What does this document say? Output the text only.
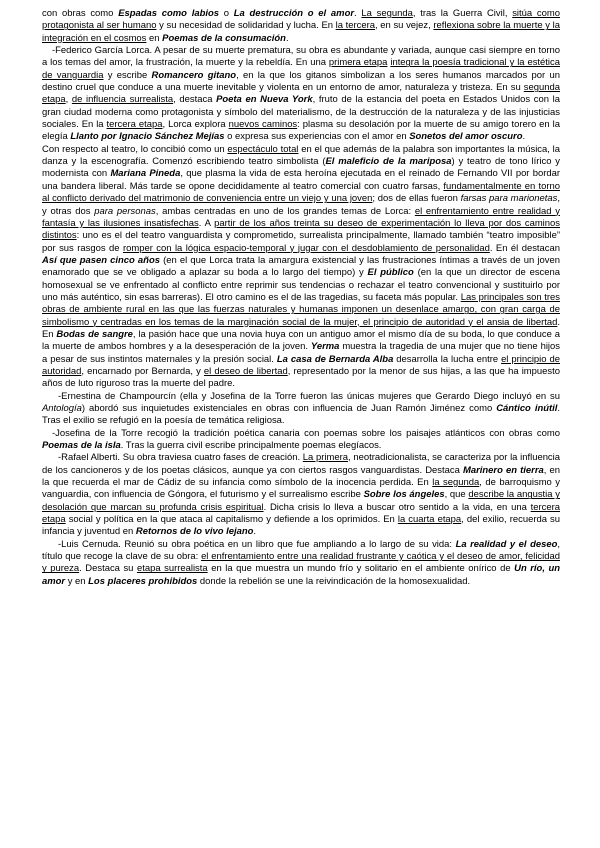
con obras como Espadas como labios o La destrucción o el amor. La segunda, tras la Guerra Civil, sitúa como protagonista al ser humano y su necesidad de solidaridad y lucha. En la tercera, en su vejez, reflexiona sobre la muerte y la integración en el cosmos en Poemas de la consumación.

-Federico García Lorca. A pesar de su muerte prematura, su obra es abundante y variada, aunque casi siempre en torno a los temas del amor, la frustración, la muerte y la rebeldía. En una primera etapa integra la poesía tradicional y la estética de vanguardia y escribe Romancero gitano, en la que los gitanos simbolizan a los seres humanos marcados por un destino cruel que conduce a una muerte inevitable y violenta en un entorno de amor, naturaleza y tristeza. En su segunda etapa, de influencia surrealista, destaca Poeta en Nueva York, fruto de la estancia del poeta en Estados Unidos con la gran ciudad moderna como protagonista y símbolo del materialismo, de la destrucción de la naturaleza y de las injusticias sociales. En la tercera etapa, Lorca explora nuevos caminos: plasma su desolación por la muerte de su amigo torero en la elegía Llanto por Ignacio Sánchez Mejías o expresa sus experiencias con el amor en Sonetos del amor oscuro.

Con respecto al teatro, lo concibió como un espectáculo total en el que además de la palabra son importantes la música, la danza y la escenografía. Comenzó escribiendo teatro simbolista (El maleficio de la mariposa) y teatro de tono lírico y modernista con Mariana Pineda, que plasma la vida de esta heroína ejecutada en el reinado de Fernando VII por bordar una bandera liberal. Más tarde se opone decididamente al teatro comercial con cuatro farsas, fundamentalmente en torno al conflicto derivado del matrimonio de conveniencia entre un viejo y una joven; dos de ellas fueron farsas para marionetas, y otras dos para personas, ambas centradas en uno de los grandes temas de Lorca: el enfrentamiento entre realidad y fantasía y las ilusiones insatisfechas. A partir de los años treinta su deseo de experimentación lo lleva por dos caminos distintos: uno es el del teatro vanguardista y comprometido, surrealista principalmente, llamado también “teatro imposible” por sus rasgos de romper con la lógica espacio-temporal y jugar con el desdoblamiento de personalidad. En él destacan Así que pasen cinco años (en el que Lorca trata la amargura existencial y las frustraciones íntimas a través de un joven enamorado que se ve obligado a aplazar su boda a lo largo del tiempo) y El público (en la que un director de escena homosexual se ve enfrentado al conflicto entre reprimir sus tendencias o rechazar el teatro convencional y sustituirlo por uno más auténtico, sin esas barreras). El otro camino es el de las tragedias, su faceta más popular. Las principales son tres obras de ambiente rural en las que las fuerzas naturales y humanas imponen un desenlace amargo, con gran carga de simbolismo y centradas en los temas de la marginación social de la mujer, el principio de autoridad y el ansia de libertad. En Bodas de sangre, la pasión hace que una novia huya con un antiguo amor el mismo día de su boda, lo que conduce a la muerte de ambos hombres y a la desesperación de la joven. Yerma muestra la tragedia de una mujer que no tiene hijos a pesar de sus instintos maternales y la presión social. La casa de Bernarda Alba desarrolla la lucha entre el principio de autoridad, encarnado por Bernarda, y el deseo de libertad, representado por la menor de sus hijas, a las que ha impuesto años de luto riguroso tras la muerte del padre.

-Ernestina de Champourcín (ella y Josefina de la Torre fueron las únicas mujeres que Gerardo Diego incluyó en su Antología) abordó sus inquietudes existenciales en obras con influencia de Juan Ramón Jiménez como Cántico inútil. Tras el exilio se refugió en la poesía de temática religiosa.

-Josefina de la Torre recogió la tradición poética canaria con poemas sobre los paisajes atlánticos con obras como Poemas de la isla. Tras la guerra civil escribe principalmente poemas elegíacos.

-Rafael Alberti. Su obra traviesa cuatro fases de creación. La primera, neotradicionalista, se caracteriza por la influencia de los cancioneros y de los poetas clásicos, aunque ya con ciertos rasgos vanguardistas. Destaca Marinero en tierra, en la que recuerda el mar de Cádiz de su infancia como símbolo de la inocencia perdida. En la segunda, de barroquismo y vanguardia, con influencia de Góngora, el futurismo y el surrealismo escribe Sobre los ángeles, que describe la angustia y desolación que marcan su profunda crisis espiritual. Dicha crisis lo lleva a buscar otro sentido a la vida, en una tercera etapa social y política en la que ataca al capitalismo y defiende a los oprimidos. En la cuarta etapa, del exilio, recuerda su infancia y juventud en Retornos de lo vivo lejano.

-Luis Cernuda. Reunió su obra poética en un libro que fue ampliando a lo largo de su vida: La realidad y el deseo, título que recoge la clave de su obra: el enfrentamiento entre una realidad frustrante y caótica y el deseo de amor, felicidad y pureza. Destaca su etapa surrealista en la que muestra un mundo frío y solitario en el ambiente onírico de Un río, un amor y en Los placeres prohibidos donde la rebelión se une la reivindicación de la homosexualidad.
